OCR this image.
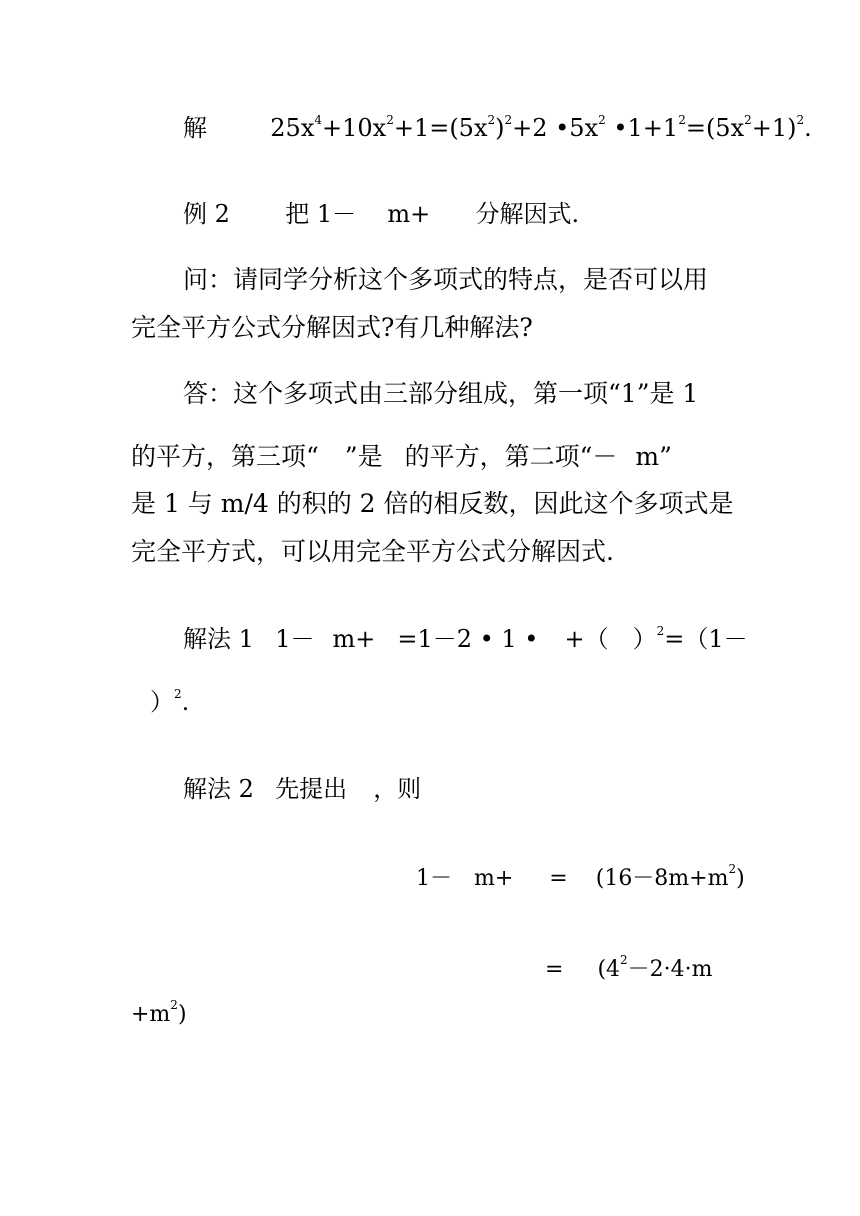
解	$25x^4+10x^2+1=(5x^2)^2+2$ $•5x^2$ $•1+1^2=(5x^2+1)^2$.
例 2 把 1－ m+ 分解因式.
问：请同学分析这个多项式的特点，是否可以用
完全平方公式分解因式?有几种解法?
答：这个多项式由三部分组成，第一项“1”是 1
的平方，第三项“ ”是 的平方，第二项“－ m”
是 1 与 m/4 的积的 2 倍的相反数，因此这个多项式是
完全平方式，可以用完全平方公式分解因式.
解法 1 1－ m+ =1－2 • 1 • +（ ）$^2$=（1－
）$^2$.
解法 2 先提出 ，则
$1- m+ = (16-8m+m^2)$
= ($4^2-2\cdot 4\cdot m$
$+m^2$)
